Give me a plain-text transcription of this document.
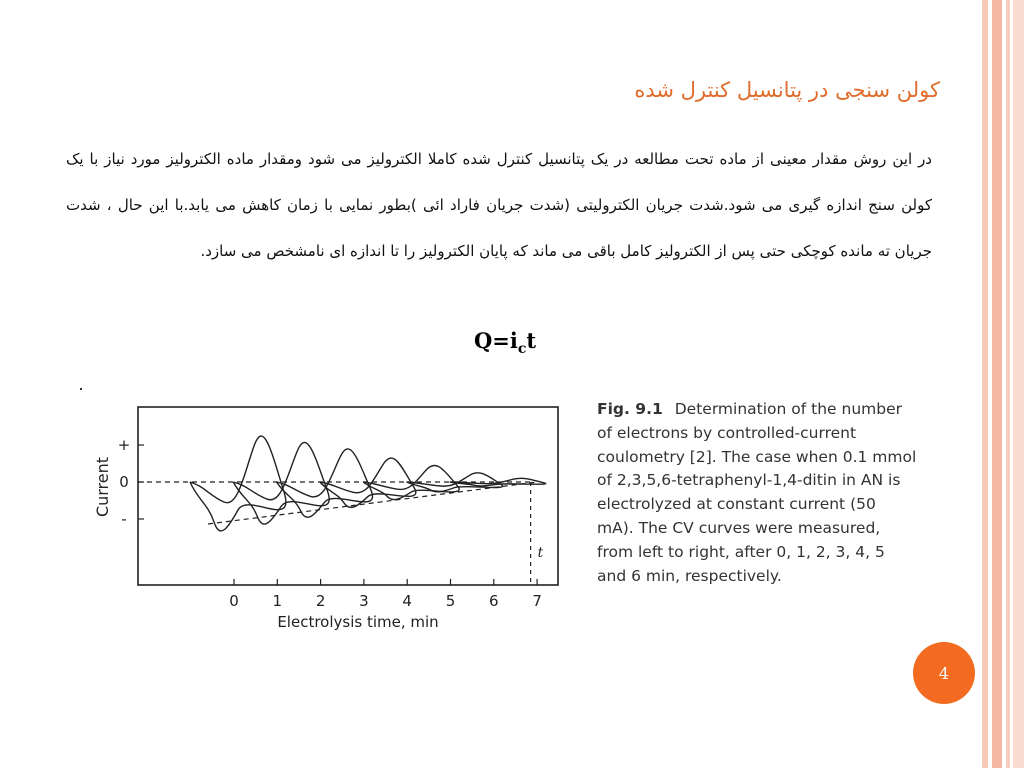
کولن سنجی در پتانسیل کنترل شده
در این روش مقدار معینی از ماده تحت مطالعه در یک پتانسیل کنترل شده کاملا الکترولیز می شود ومقدار ماده الکترولیز مورد نیاز با یک کولن سنج اندازه گیری می شود.شدت جریان الکترولیتی (شدت جریان فاراد ائی )بطور نمایی با زمان کاهش می یابد.با این حال ، شدت جریان ته مانده کوچکی حتی پس از الکترولیز کامل باقی می ماند که پایان الکترولیز را تا اندازه ای نامشخص می سازد.
$Q=i_ct$
t
0 1 2 3 4 5 6 7
+
0
-
Current
Electrolysis time, min
Fig. 9.1 Determination of the number of electrons by controlled-current coulometry [2]. The case when 0.1 mmol of 2,3,5,6-tetraphenyl-1,4-ditin in AN is electrolyzed at constant current (50 mA). The CV curves were measured, from left to right, after 0, 1, 2, 3, 4, 5 and 6 min, respectively.
4
